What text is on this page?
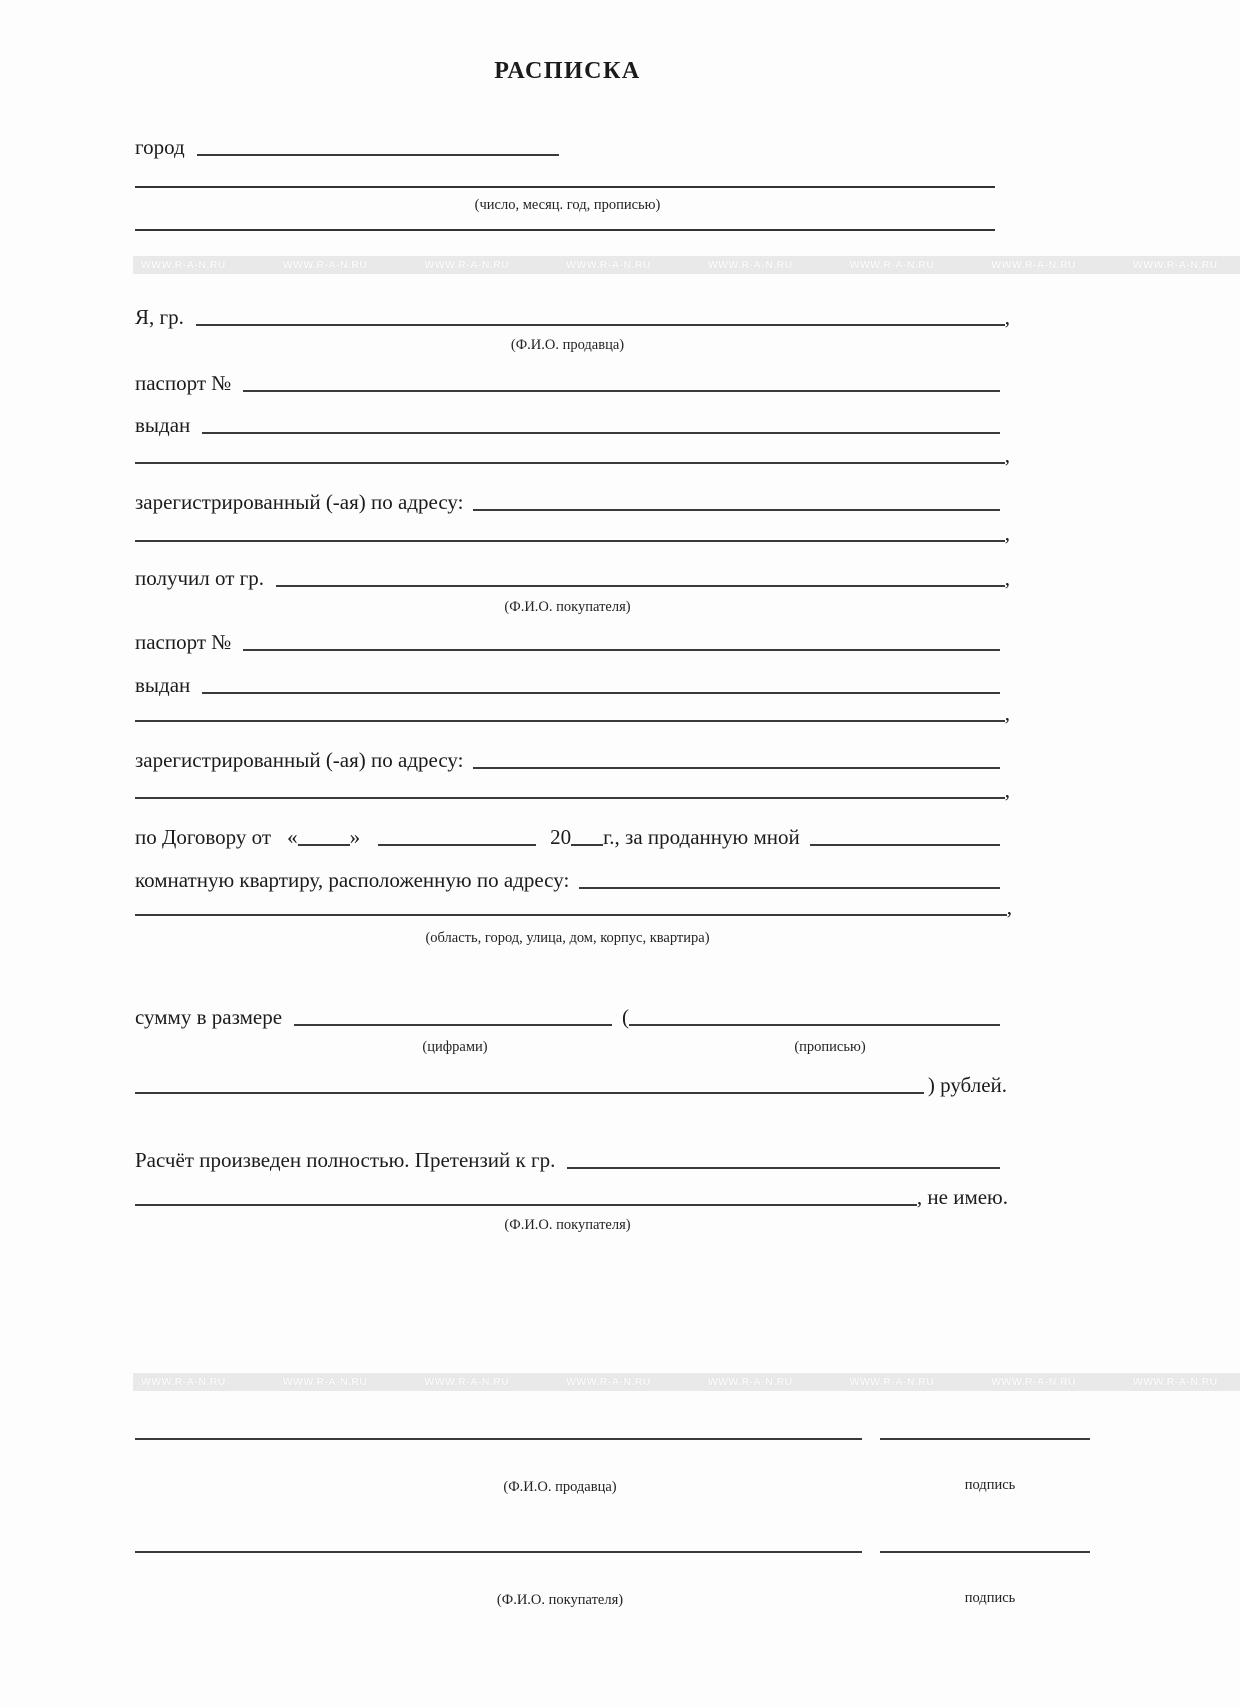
РАСПИСКА
город
(число, месяц. год, прописью)
WWW.R-A-N.RU	WWW.R-A-N.RU	WWW.R-A-N.RU	WWW.R-A-N.RU	WWW.R-A-N.RU	WWW.R-A-N.RU	WWW.R-A-N.RU	WWW.R-A-N.RU
Я, гр.	,
(Ф.И.О. продавца)
паспорт №
выдан
,
зарегистрированный (-ая) по адресу:
,
получил от гр.	,
(Ф.И.О. покупателя)
паспорт №
выдан
,
зарегистрированный (-ая) по адресу:
,
по Договору от « »	20 г., за проданную мной
комнатную квартиру, расположенную по адресу:
,
(область, город, улица, дом, корпус, квартира)
сумму в размере	(
(цифрами)	(прописью)
) рублей.
Расчёт произведен полностью. Претензий к гр.
, не имею.
(Ф.И.О. покупателя)
WWW.R-A-N.RU	WWW.R-A-N.RU	WWW.R-A-N.RU	WWW.R-A-N.RU	WWW.R-A-N.RU	WWW.R-A-N.RU	WWW.R-A-N.RU	WWW.R-A-N.RU
(Ф.И.О. продавца)	подпись
(Ф.И.О. покупателя)	подпись
